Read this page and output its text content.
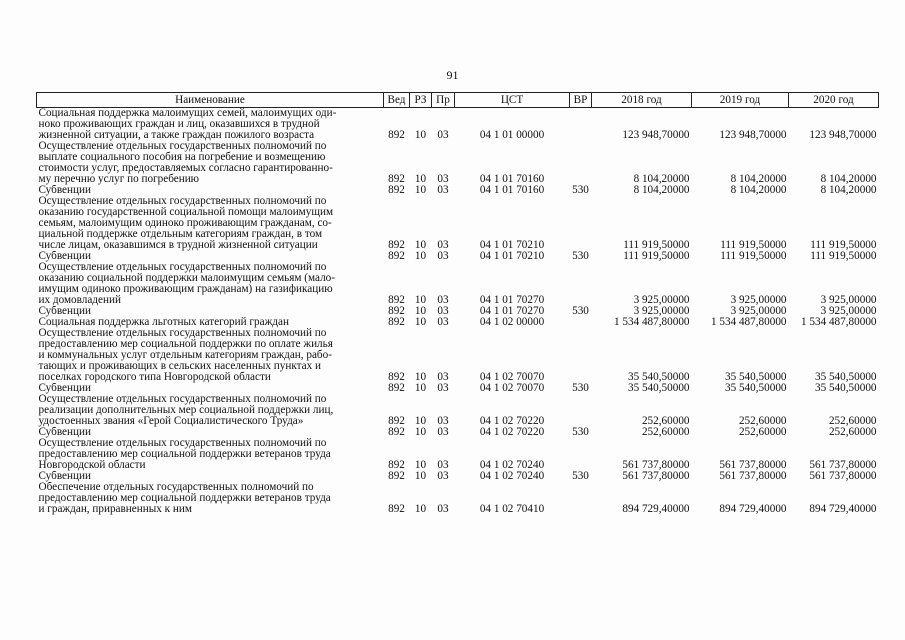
91
Наименование	Вед	РЗ	Пр	ЦСТ	ВР	2018 год	2019 год	2020 год
Социальная поддержка малоимущих семей, малоимущих оди-
ноко проживающих граждан и лиц, оказавшихся в трудной
жизненной ситуации, а также граждан пожилого возраста	892	10	03	04 1 01 00000		123 948,70000	123 948,70000	123 948,70000
Осуществление отдельных государственных полномочий по
выплате социального пособия на погребение и возмещению
стоимости услуг, предоставляемых согласно гарантированно-
му перечню услуг по погребению	892	10	03	04 1 01 70160		8 104,20000	8 104,20000	8 104,20000
Субвенции	892	10	03	04 1 01 70160	530	8 104,20000	8 104,20000	8 104,20000
Осуществление отдельных государственных полномочий по
оказанию государственной социальной помощи малоимущим
семьям, малоимущим одиноко проживающим гражданам, со-
циальной поддержке отдельным категориям граждан, в том
числе лицам, оказавшимся в трудной жизненной ситуации	892	10	03	04 1 01 70210		111 919,50000	111 919,50000	111 919,50000
Субвенции	892	10	03	04 1 01 70210	530	111 919,50000	111 919,50000	111 919,50000
Осуществление отдельных государственных полномочий по
оказанию социальной поддержки малоимущим семьям (мало-
имущим одиноко проживающим гражданам) на газификацию
их домовладений	892	10	03	04 1 01 70270		3 925,00000	3 925,00000	3 925,00000
Субвенции	892	10	03	04 1 01 70270	530	3 925,00000	3 925,00000	3 925,00000
Социальная поддержка льготных категорий граждан	892	10	03	04 1 02 00000		1 534 487,80000	1 534 487,80000	1 534 487,80000
Осуществление отдельных государственных полномочий по
предоставлению мер социальной поддержки по оплате жилья
и коммунальных услуг отдельным категориям граждан, рабо-
тающих и проживающих в сельских населенных пунктах и
поселках городского типа Новгородской области	892	10	03	04 1 02 70070		35 540,50000	35 540,50000	35 540,50000
Субвенции	892	10	03	04 1 02 70070	530	35 540,50000	35 540,50000	35 540,50000
Осуществление отдельных государственных полномочий по
реализации дополнительных мер социальной поддержки лиц,
удостоенных звания «Герой Социалистического Труда»	892	10	03	04 1 02 70220		252,60000	252,60000	252,60000
Субвенции	892	10	03	04 1 02 70220	530	252,60000	252,60000	252,60000
Осуществление отдельных государственных полномочий по
предоставлению мер социальной поддержки ветеранов труда
Новгородской области	892	10	03	04 1 02 70240		561 737,80000	561 737,80000	561 737,80000
Субвенции	892	10	03	04 1 02 70240	530	561 737,80000	561 737,80000	561 737,80000
Обеспечение отдельных государственных полномочий по
предоставлению мер социальной поддержки ветеранов труда
и граждан, приравненных к ним	892	10	03	04 1 02 70410		894 729,40000	894 729,40000	894 729,40000
